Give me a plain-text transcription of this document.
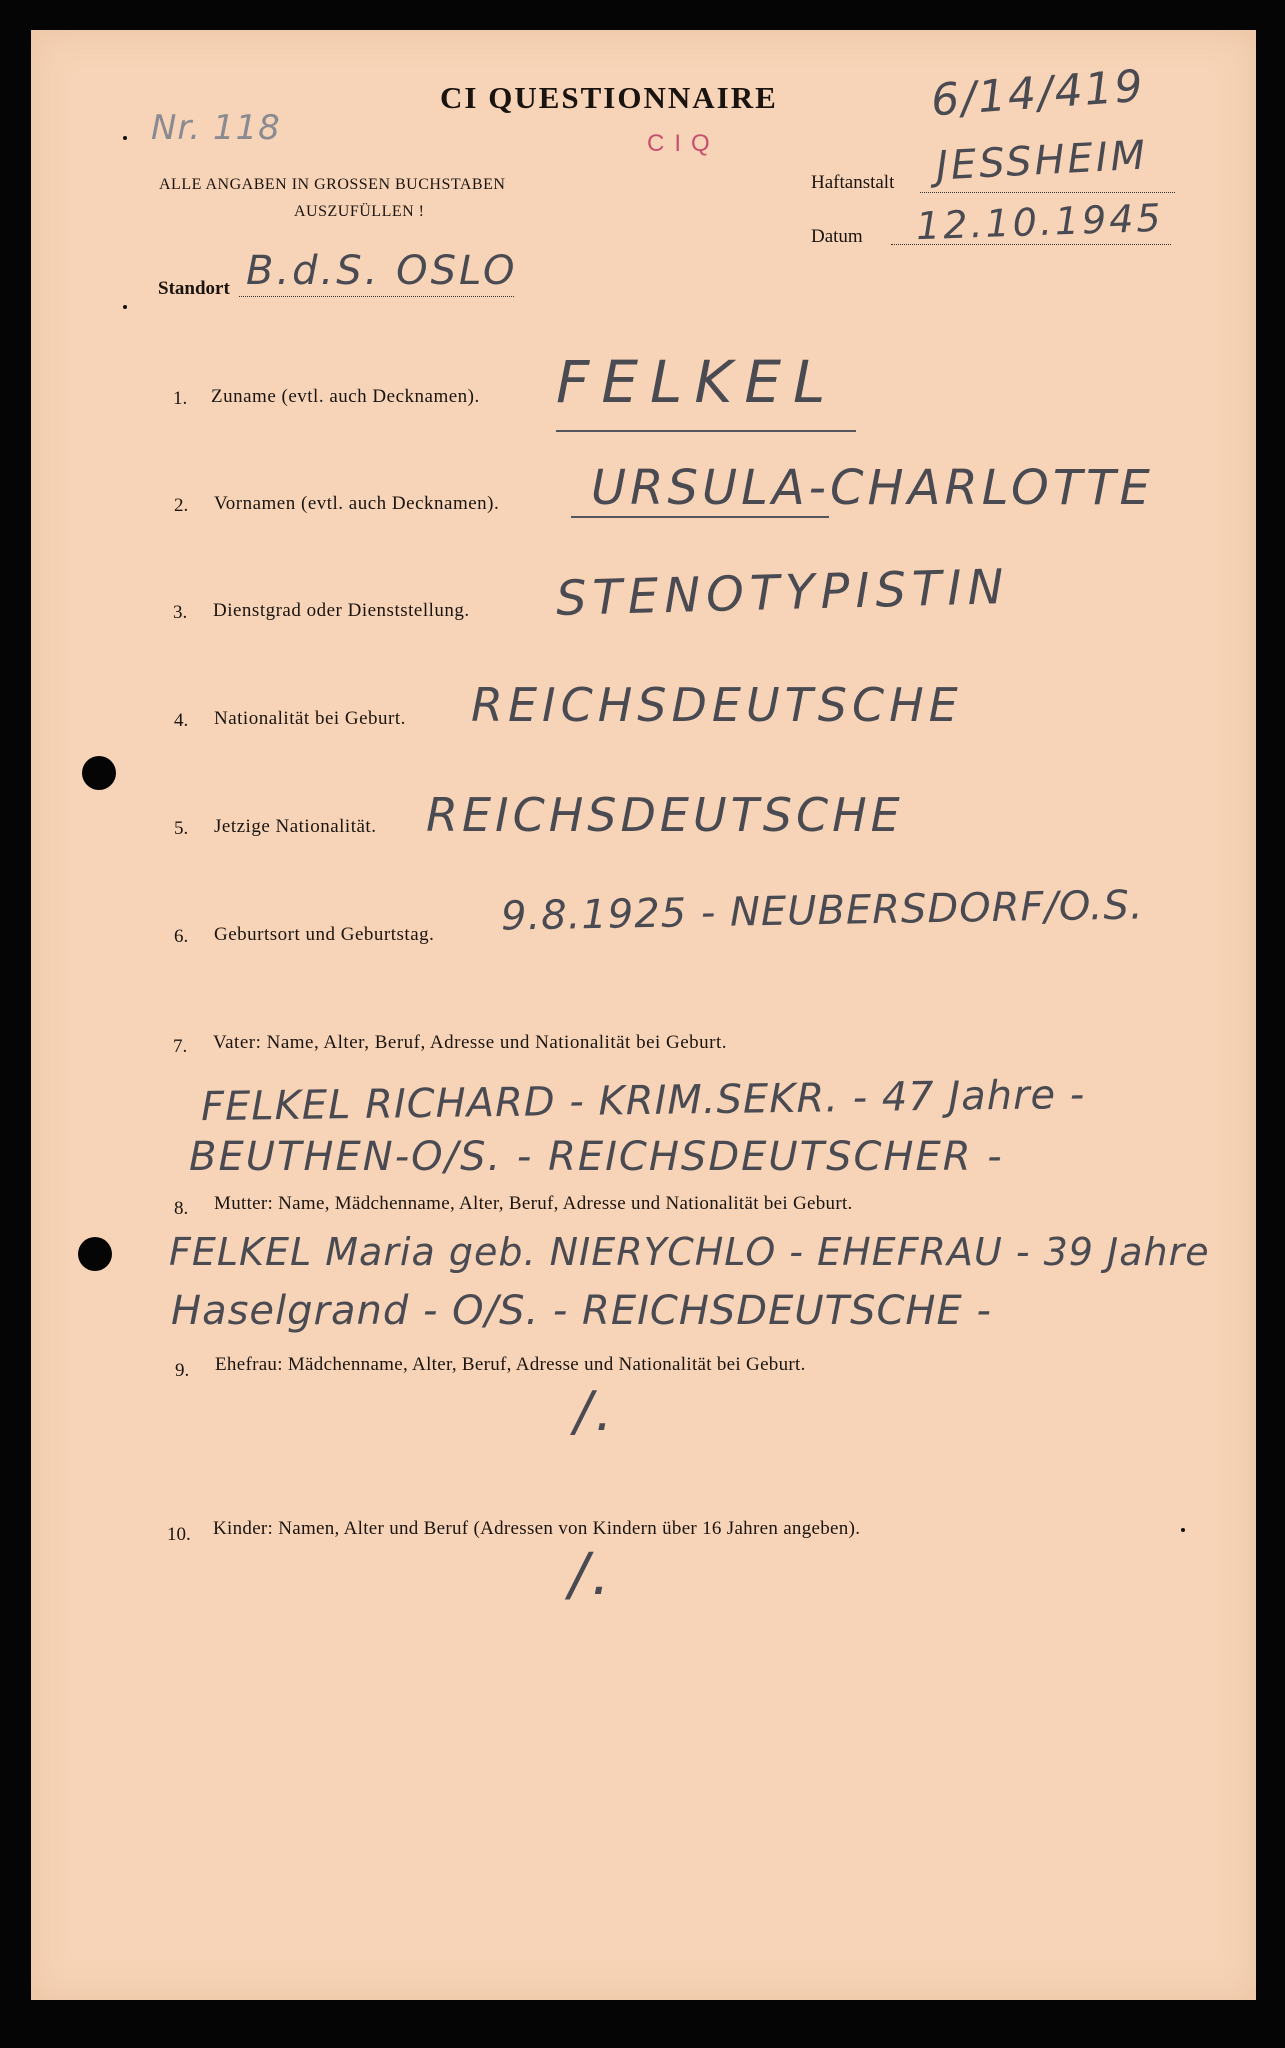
CI QUESTIONNAIRE	6/14/419
Nr. 118	CIQ
ALLE ANGABEN IN GROSSEN BUCHSTABEN
AUSZUFÜLLEN !
Haftanstalt JESSHEIM
Datum 12.10.1945
Standort B.d.S. OSLO
1. Zuname (evtl. auch Decknamen). FELKEL
2. Vornamen (evtl. auch Decknamen). URSULA-CHARLOTTE
3. Dienstgrad oder Dienststellung. STENOTYPISTIN
4. Nationalität bei Geburt. REICHSDEUTSCHE
5. Jetzige Nationalität. REICHSDEUTSCHE
6. Geburtsort und Geburtstag. 9.8.1925 - NEUBERSDORF/O.S.
7. Vater: Name, Alter, Beruf, Adresse und Nationalität bei Geburt.
FELKEL RICHARD - KRIM.SEKR. - 47 Jahre -
BEUTHEN-O/S. - REICHSDEUTSCHER -
8. Mutter: Name, Mädchenname, Alter, Beruf, Adresse und Nationalität bei Geburt.
FELKEL Maria geb. NIERYCHLO - EHEFRAU - 39 Jahre
Haselgrand - O/S. - REICHSDEUTSCHE -
9. Ehefrau: Mädchenname, Alter, Beruf, Adresse und Nationalität bei Geburt.
/.
10. Kinder: Namen, Alter und Beruf (Adressen von Kindern über 16 Jahren angeben).
/.
